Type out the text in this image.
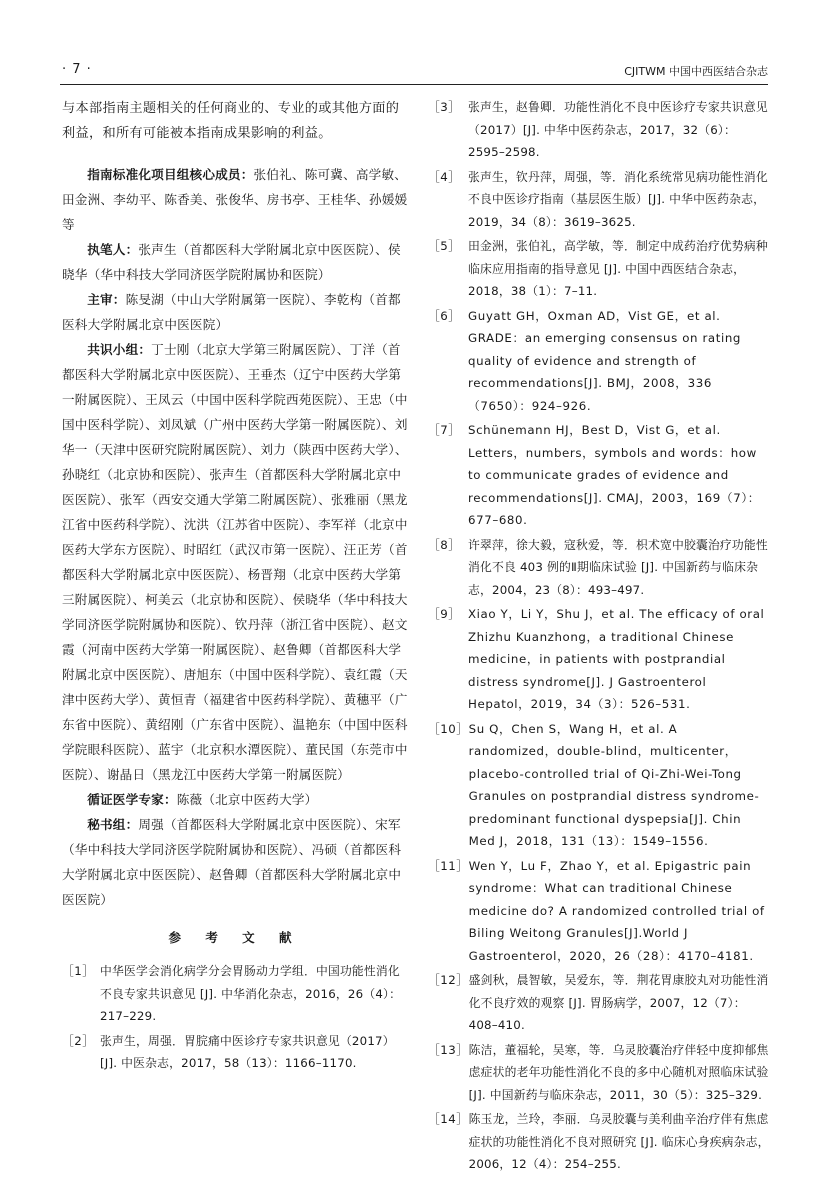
· 7 ·	CJITWM 中国中西医结合杂志

与本部指南主题相关的任何商业的、专业的或其他方面的利益，和所有可能被本指南成果影响的利益。

指南标准化项目组核心成员：张伯礼、陈可冀、高学敏、田金洲、李幼平、陈香美、张俊华、房书亭、王桂华、孙媛媛等

执笔人：张声生（首都医科大学附属北京中医医院）、侯晓华（华中科技大学同济医学院附属协和医院）

主审：陈旻湖（中山大学附属第一医院）、李乾构（首都医科大学附属北京中医医院）

共识小组：丁士刚（北京大学第三附属医院）、丁洋（首都医科大学附属北京中医医院）、王垂杰（辽宁中医药大学第一附属医院）、王凤云（中国中医科学院西苑医院）、王忠（中国中医科学院）、刘凤斌（广州中医药大学第一附属医院）、刘华一（天津中医研究院附属医院）、刘力（陕西中医药大学）、孙晓红（北京协和医院）、张声生（首都医科大学附属北京中医医院）、张军（西安交通大学第二附属医院）、张雅丽（黑龙江省中医药科学院）、沈洪（江苏省中医院）、李军祥（北京中医药大学东方医院）、时昭红（武汉市第一医院）、汪正芳（首都医科大学附属北京中医医院）、杨晋翔（北京中医药大学第三附属医院）、柯美云（北京协和医院）、侯晓华（华中科技大学同济医学院附属协和医院）、钦丹萍（浙江省中医院）、赵文霞（河南中医药大学第一附属医院）、赵鲁卿（首都医科大学附属北京中医医院）、唐旭东（中国中医科学院）、袁红霞（天津中医药大学）、黄恒青（福建省中医药科学院）、黄穗平（广东省中医院）、黄绍刚（广东省中医院）、温艳东（中国中医科学院眼科医院）、蓝宇（北京积水潭医院）、董民国（东莞市中医院）、谢晶日（黑龙江中医药大学第一附属医院）

循证医学专家：陈薇（北京中医药大学）

秘书组：周强（首都医科大学附属北京中医医院）、宋军（华中科技大学同济医学院附属协和医院）、冯硕（首都医科大学附属北京中医医院）、赵鲁卿（首都医科大学附属北京中医医院）

参 考 文 献
［1］ 中华医学会消化病学分会胃肠动力学组．中国功能性消化不良专家共识意见 [J]. 中华消化杂志，2016，26（4）：217–229.
［2］ 张声生，周强．胃脘痛中医诊疗专家共识意见（2017）[J]. 中医杂志，2017，58（13）：1166–1170.
［3］ 张声生，赵鲁卿．功能性消化不良中医诊疗专家共识意见（2017）[J]. 中华中医药杂志，2017，32（6）：2595–2598.
［4］ 张声生，钦丹萍，周强，等．消化系统常见病功能性消化不良中医诊疗指南（基层医生版）[J]. 中华中医药杂志，2019，34（8）：3619–3625.
［5］ 田金洲，张伯礼，高学敏，等．制定中成药治疗优势病种临床应用指南的指导意见 [J]. 中国中西医结合杂志，2018，38（1）：7–11.
［6］ Guyatt GH，Oxman AD，Vist GE，et al. GRADE：an emerging consensus on rating quality of evidence and strength of recommendations[J]. BMJ，2008，336（7650）：924–926.
［7］ Schünemann HJ，Best D，Vist G，et al. Letters，numbers，symbols and words：how to communicate grades of evidence and recommendations[J]. CMAJ，2003，169（7）：677–680.
［8］ 许翠萍，徐大毅，寇秋爱，等．枳术宽中胶囊治疗功能性消化不良 403 例的Ⅱ期临床试验 [J]. 中国新药与临床杂志，2004，23（8）：493–497.
［9］ Xiao Y，Li Y，Shu J，et al. The efficacy of oral Zhizhu Kuanzhong，a traditional Chinese medicine，in patients with postprandial distress syndrome[J]. J Gastroenterol Hepatol，2019，34（3）：526–531.
［10］ Su Q，Chen S，Wang H，et al. A randomized，double-blind，multicenter，placebo-controlled trial of Qi-Zhi-Wei-Tong Granules on postprandial distress syndrome-predominant functional dyspepsia[J]. Chin Med J，2018，131（13）：1549–1556.
［11］ Wen Y，Lu F，Zhao Y，et al. Epigastric pain syndrome：What can traditional Chinese medicine do? A randomized controlled trial of Biling Weitong Granules[J].World J Gastroenterol，2020，26（28）：4170–4181.
［12］ 盛剑秋，晨智敏，吴爱东，等．荆花胃康胶丸对功能性消化不良疗效的观察 [J]. 胃肠病学，2007，12（7）：408–410.
［13］ 陈洁，董福轮，吴寒，等．乌灵胶囊治疗伴轻中度抑郁焦虑症状的老年功能性消化不良的多中心随机对照临床试验 [J]. 中国新药与临床杂志，2011，30（5）：325–329.
［14］ 陈玉龙，兰玲，李丽．乌灵胶囊与美利曲辛治疗伴有焦虑症状的功能性消化不良对照研究 [J]. 临床心身疾病杂志，2006，12（4）：254–255.
